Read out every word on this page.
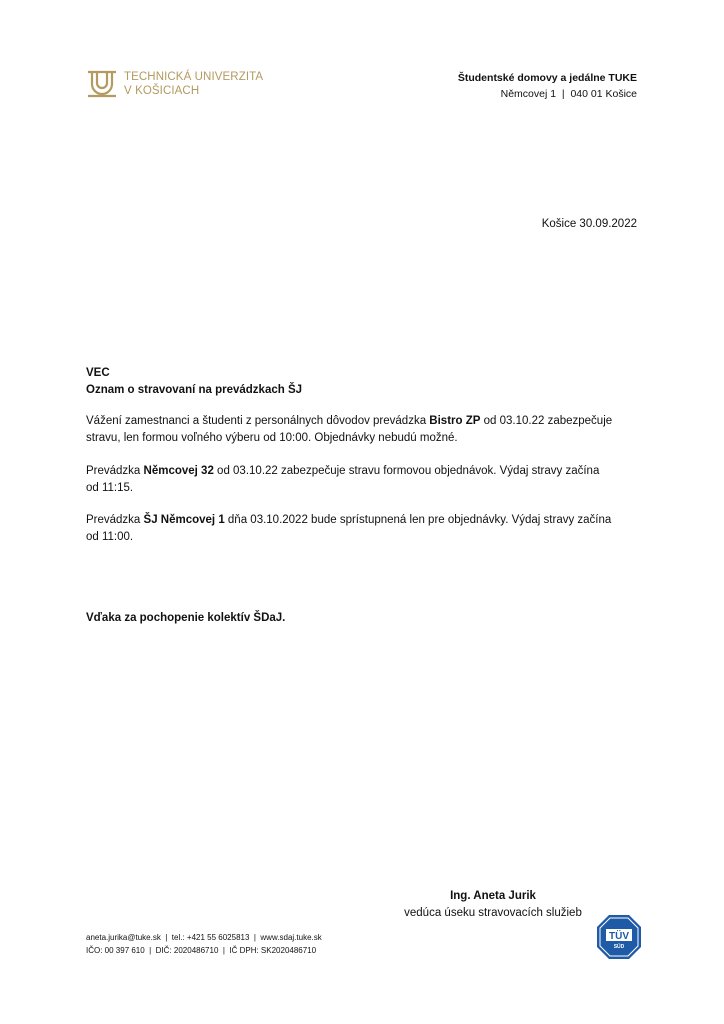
TECHNICKÁ UNIVERZITA
V KOŠICIACH
Študentské domovy a jedálne TUKE
Němcovej 1  |  040 01 Košice
Košice 30.09.2022
VEC
Oznam o stravovaní na prevádzkach ŠJ

Vážení zamestnanci a študenti z personálnych dôvodov prevádzka Bistro ZP od 03.10.22 zabezpečuje

stravu, len formou voľného výberu od 10:00. Objednávky nebudú možné.

Prevádzka Němcovej 32 od 03.10.22 zabezpečuje stravu formovou objednávok. Výdaj stravy začína

od 11:15.

Prevádzka ŠJ Němcovej 1 dňa 03.10.2022 bude sprístupnená len pre objednávky. Výdaj stravy začína

od 11:00.

Vďaka za pochopenie kolektív ŠDaJ.
Ing. Aneta Jurik
vedúca úseku stravovacích služieb
aneta.jurika@tuke.sk  |  tel.: +421 55 6025813  |  www.sdaj.tuke.sk
IČO: 00 397 610  |  DIČ: 2020486710  |  IČ DPH: SK2020486710
TÜV
SÜD
